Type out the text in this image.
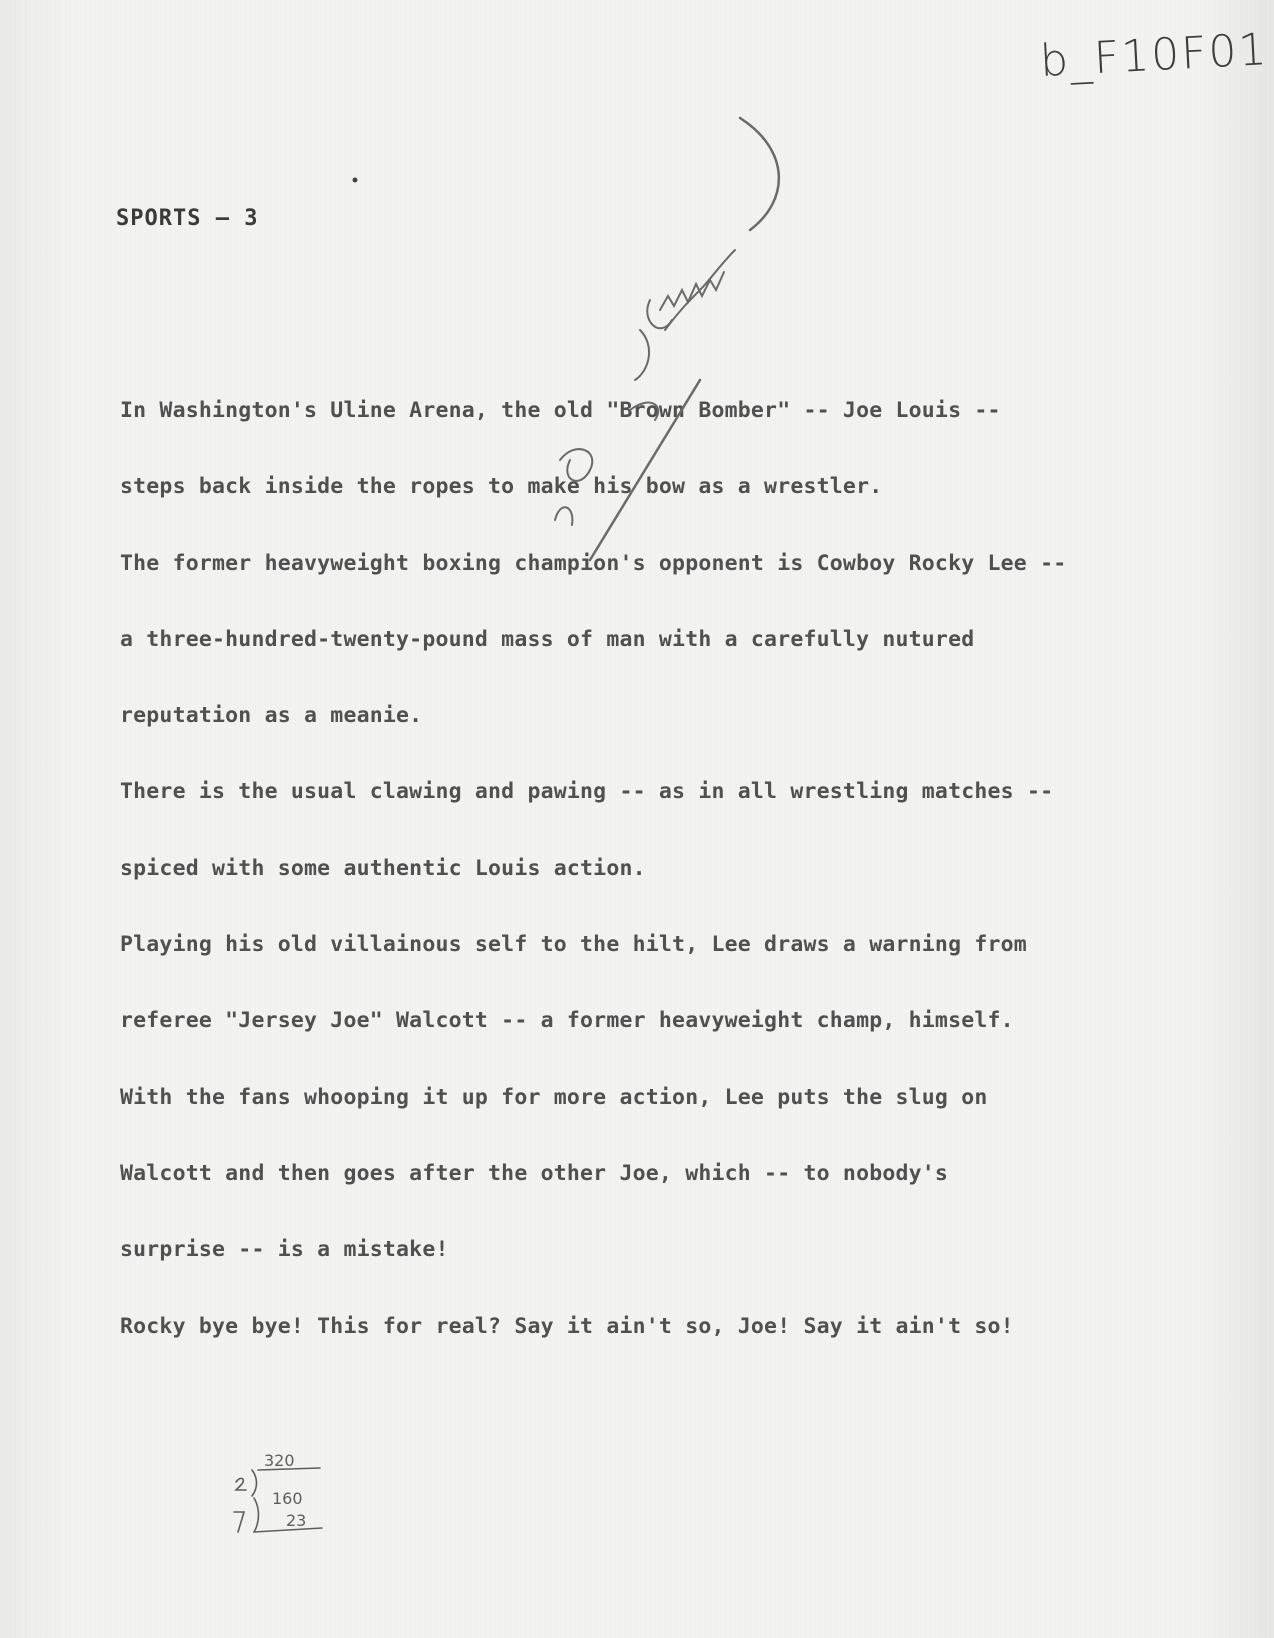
b_F10F01
SPORTS — 3
In Washington's Uline Arena, the old "Brown Bomber" -- Joe Louis --
steps back inside the ropes to make his bow as a wrestler.
The former heavyweight boxing champion's opponent is Cowboy Rocky Lee --
a three-hundred-twenty-pound mass of man with a carefully nutured
reputation as a meanie.
There is the usual clawing and pawing -- as in all wrestling matches --
spiced with some authentic Louis action.
Playing his old villainous self to the hilt, Lee draws a warning from
referee "Jersey Joe" Walcott -- a former heavyweight champ, himself.
With the fans whooping it up for more action, Lee puts the slug on
Walcott and then goes after the other Joe, which -- to nobody's
surprise -- is a mistake!
Rocky bye bye! This for real? Say it ain't so, Joe! Say it ain't so!
320
160
23
